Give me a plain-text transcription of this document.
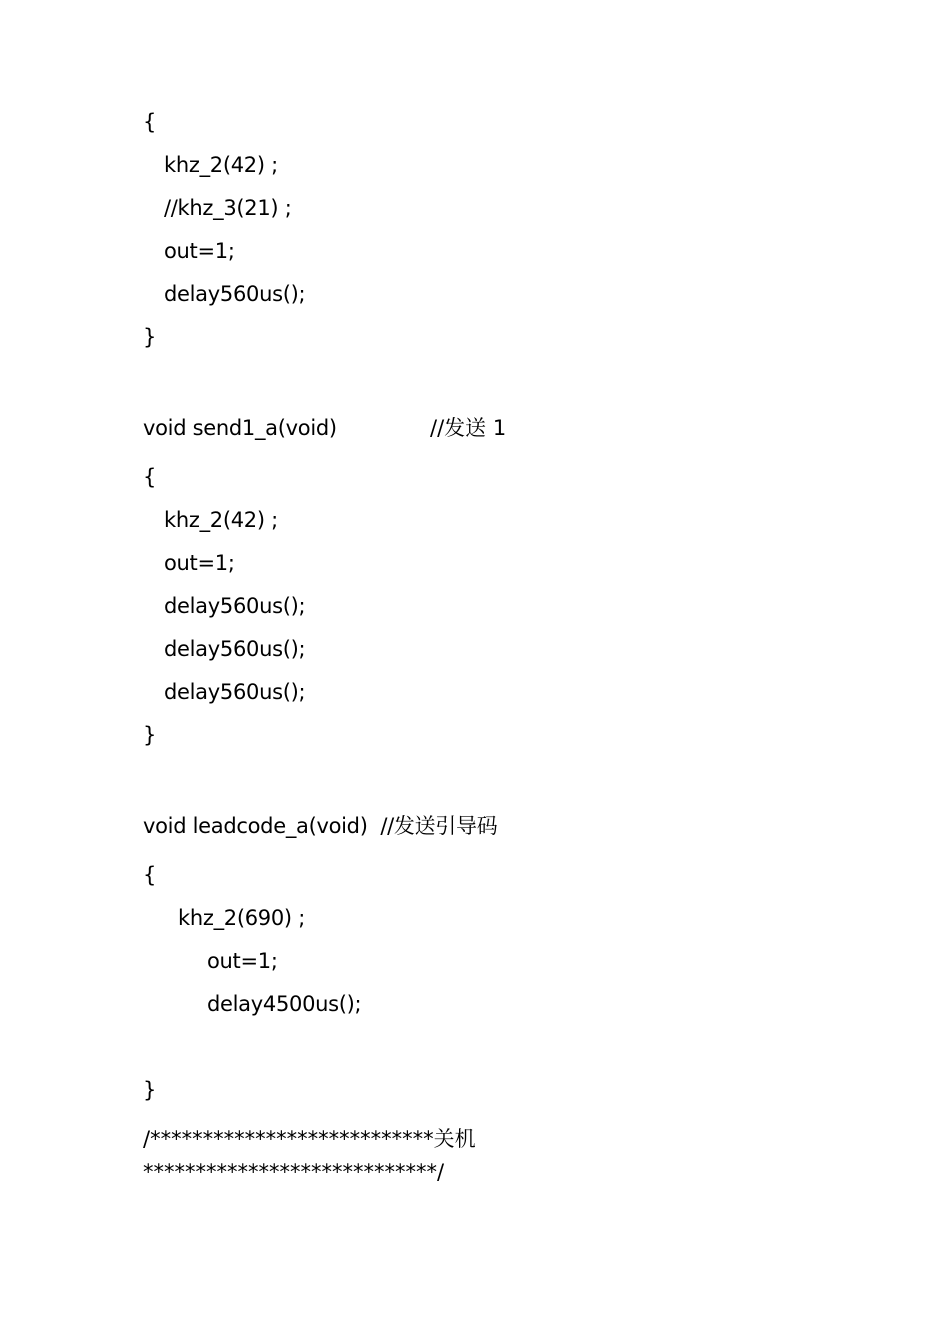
{
khz_2(42) ;
//khz_3(21) ;
out=1;
delay560us();
}
void send1_a(void)	//发送 1
{
khz_2(42) ;
out=1;
delay560us();
delay560us();
delay560us();
}
void leadcode_a(void)  //发送引导码
{
khz_2(690) ;
out=1;
delay4500us();
}
/***************************关机
****************************/
